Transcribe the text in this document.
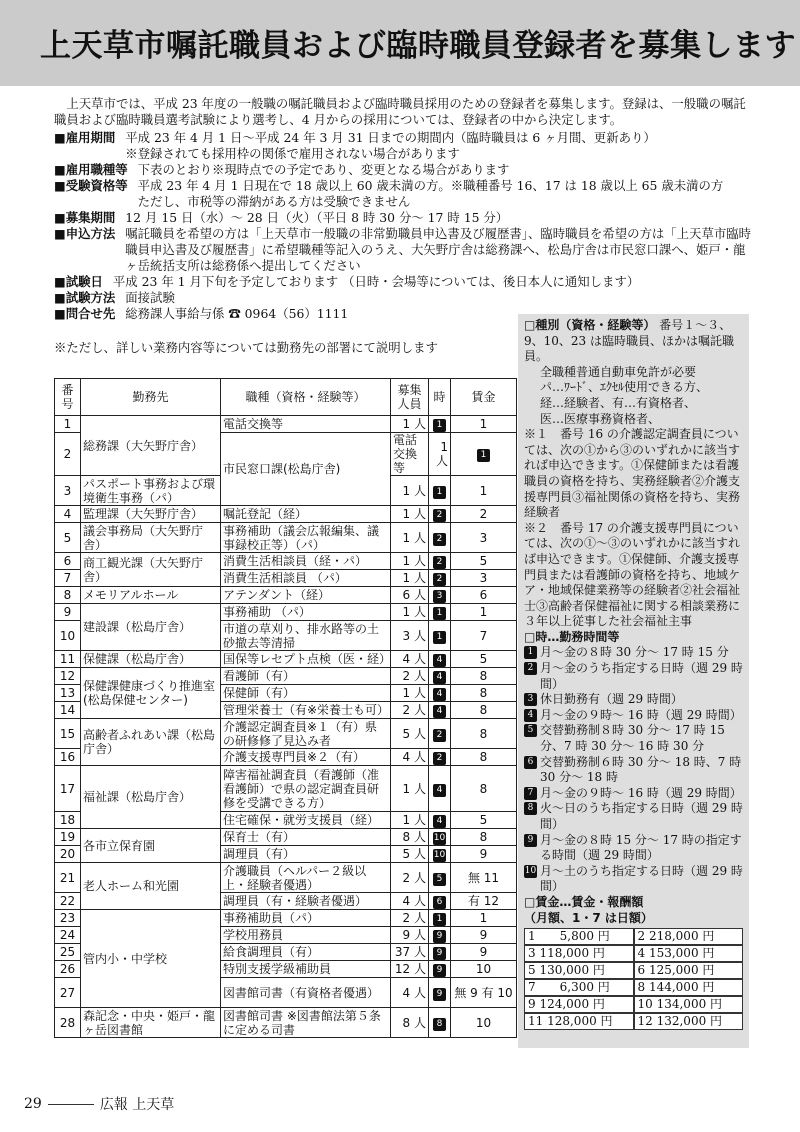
上天草市嘱託職員および臨時職員登録者を募集します
上天草市では、平成 23 年度の一般職の嘱託職員および臨時職員採用のための登録者を募集します。登録は、一般職の嘱託職員および臨時職員選考試験により選考し、4 月からの採用については、登録者の中から決定します。
■雇用期間 平成 23 年 4 月 1 日～平成 24 年 3 月 31 日までの期間内（臨時職員は 6 ヶ月間、更新あり）
※登録されても採用枠の関係で雇用されない場合があります
■雇用職種等 下表のとおり※現時点での予定であり、変更となる場合があります
■受験資格等 平成 23 年 4 月 1 日現在で 18 歳以上 60 歳未満の方。※職種番号 16、17 は 18 歳以上 65 歳未満の方
ただし、市税等の滞納がある方は受験できません
■募集期間 12 月 15 日（水）～ 28 日（火）（平日 8 時 30 分～ 17 時 15 分）
■申込方法 嘱託職員を希望の方は「上天草市一般職の非常勤職員申込書及び履歴書」、臨時職員を希望の方は「上天草市臨時職員申込書及び履歴書」に希望職種等記入のうえ、大矢野庁舎は総務課へ、松島庁舎は市民窓口課へ、姫戸・龍ヶ岳統括支所は総務係へ提出してください
■試験日 平成 23 年 1 月下旬を予定しております （日時・会場等については、後日本人に通知します）
■試験方法 面接試験
■問合せ先 総務課人事給与係 ☎ 0964（56）1111
※ただし、詳しい業務内容等については勤務先の部署にて説明します
番号	勤務先	職種（資格・経験等）	募集人員	時	賃金	
1	総務課（大矢野庁舎）	電話交換等	1 人	1	1	
2		市民窓口課(松島庁舎)	電話交換等	1 人	1	
3	パスポート事務および環境衛生事務（パ）		1 人	1	1	
4	監理課（大矢野庁舎）	嘱託登記（経）	1 人	2	2	
5	議会事務局（大矢野庁舎）	事務補助（議会広報編集、議事録校正等）（パ）	1 人	2	3	
6	商工観光課（大矢野庁舎）	消費生活相談員（経・パ）	1 人	2	5	
7		消費生活相談員 （パ）	1 人	2	3	
8	メモリアルホール	アテンダント（経）	6 人	3	6	
9	建設課（松島庁舎）	事務補助 （パ）	1 人	1	1	
10		市道の草刈り、排水路等の土砂撤去等清掃	3 人	1	7	
11	保健課（松島庁舎）	国保等レセプト点検（医・経）	4 人	4	5	
12	保健課健康づくり推進室(松島保健センター)	看護師（有）	2 人	4	8	
13		保健師（有）	1 人	4	8	
14		管理栄養士（有※栄養士も可）	2 人	4	8	
15	高齢者ふれあい課（松島庁舎）	介護認定調査員※１（有）県の研修修了見込み者	5 人	2	8	
16		介護支援専門員※２（有）	4 人	2	8	
17	福祉課（松島庁舎）	障害福祉調査員（看護師（准看護師）で県の認定調査員研修を受講できる方）	1 人	4	8	
18		住宅確保・就労支援員（経）	1 人	4	5	
19	各市立保育園	保育士（有）	8 人	10	8	
20		調理員（有）	5 人	10	9	
21	老人ホーム和光園	介護職員（ヘルパー２級以上・経験者優遇）	2 人	5	無 11	
22		調理員（有・経験者優遇）	4 人	6	有 12	
23	管内小・中学校	事務補助員（パ）	2 人	1	1	
24		学校用務員	9 人	9	9	
25		給食調理員（有）	37 人	9	9	
26		特別支援学級補助員	12 人	9	10	
27		図書館司書（有資格者優遇）	4 人	9	無 9 有 10	
28	森記念・中央・姫戸・龍ヶ岳図書館	図書館司書 ※図書館法第５条に定める司書	8 人	8	10	
□種別（資格・経験等） 番号１～３、9、10、23 は臨時職員、ほかは嘱託職員。
全職種普通自動車免許が必要
パ…ﾜｰﾄﾞ、ｴｸｾﾙ使用できる方、
経…経験者、有…有資格者、
医…医療事務資格者、
※１　番号 16 の介護認定調査員については、次の①から③のいずれかに該当すれば申込できます。①保健師または看護職員の資格を持ち、実務経験者②介護支援専門員③福祉関係の資格を持ち、実務経験者
※２　番号 17 の介護支援専門員については、次の①～③のいずれかに該当すれば申込できます。①保健師、介護支援専門員または看護師の資格を持ち、地域ケア・地域保健業務等の経験者②社会福祉士③高齢者保健福祉に関する相談業務に３年以上従事した社会福祉主事
□時…勤務時間等
1 月～金の８時 30 分～ 17 時 15 分
2 月～金のうち指定する日時（週 29 時間）
3 休日勤務有（週 29 時間）
4 月～金の９時～ 16 時（週 29 時間）
5 交替勤務制８時 30 分～ 17 時 15 分、7 時 30 分～ 16 時 30 分
6 交替勤務制６時 30 分～ 18 時、7 時 30 分～ 18 時
7 月～金の９時～ 16 時（週 29 時間）
8 火～日のうち指定する日時（週 29 時間）
9 月～金の８時 15 分～ 17 時の指定する時間（週 29 時間）
10 月～土のうち指定する日時（週 29 時間）
□賃金…賃金・報酬額
（月額、1・7 は日額）
1　　5,800 円	2 218,000 円
3 118,000 円	4 153,000 円
5 130,000 円	6 125,000 円
7　　6,300 円	8 144,000 円
9 124,000 円	10 134,000 円
11 128,000 円	12 132,000 円
29	広報 上天草
